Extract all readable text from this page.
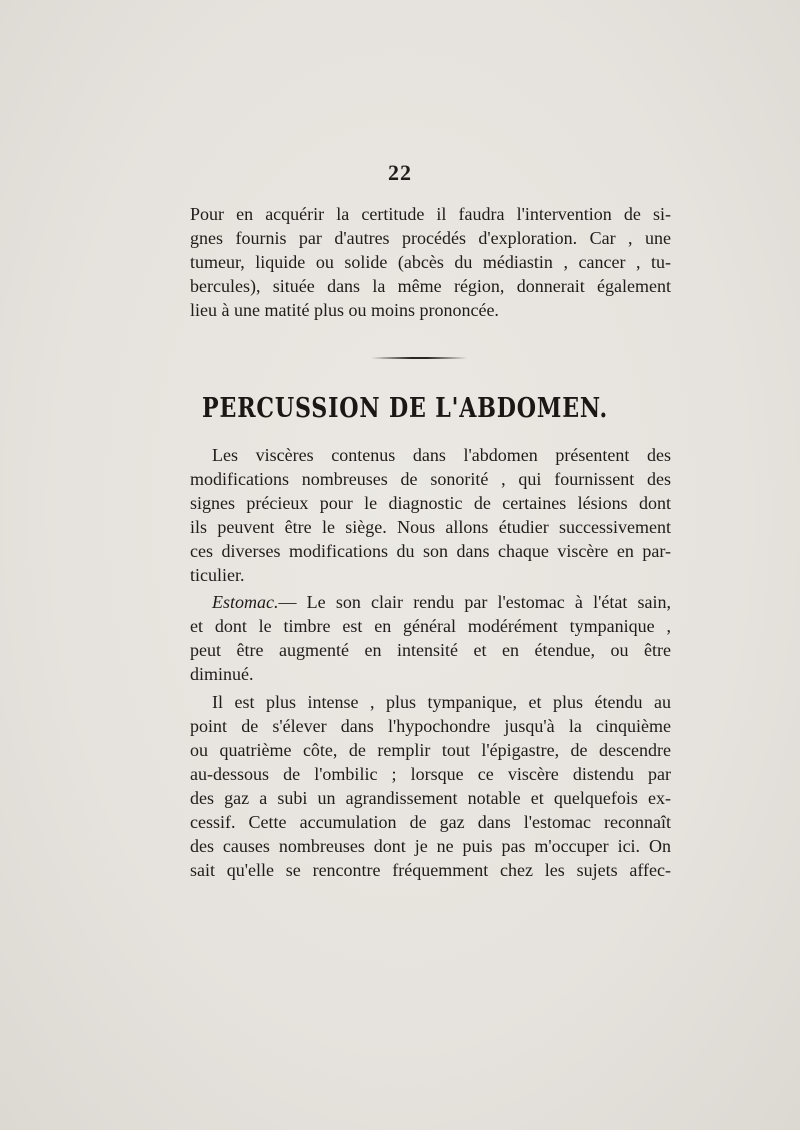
22
Pour en acquérir la certitude il faudra l'intervention de si-
gnes fournis par d'autres procédés d'exploration. Car , une
tumeur, liquide ou solide (abcès du médiastin , cancer , tu-
bercules), située dans la même région, donnerait également
lieu à une matité plus ou moins prononcée.
PERCUSSION DE L'ABDOMEN.
Les viscères contenus dans l'abdomen présentent des
modifications nombreuses de sonorité , qui fournissent des
signes précieux pour le diagnostic de certaines lésions dont
ils peuvent être le siège. Nous allons étudier successivement
ces diverses modifications du son dans chaque viscère en par-
ticulier.
Estomac.— Le son clair rendu par l'estomac à l'état sain,
et dont le timbre est en général modérément tympanique ,
peut être augmenté en intensité et en étendue, ou être
diminué.
Il est plus intense , plus tympanique, et plus étendu au
point de s'élever dans l'hypochondre jusqu'à la cinquième
ou quatrième côte, de remplir tout l'épigastre, de descendre
au-dessous de l'ombilic ; lorsque ce viscère distendu par
des gaz a subi un agrandissement notable et quelquefois ex-
cessif. Cette accumulation de gaz dans l'estomac reconnaît
des causes nombreuses dont je ne puis pas m'occuper ici. On
sait qu'elle se rencontre fréquemment chez les sujets affec-
